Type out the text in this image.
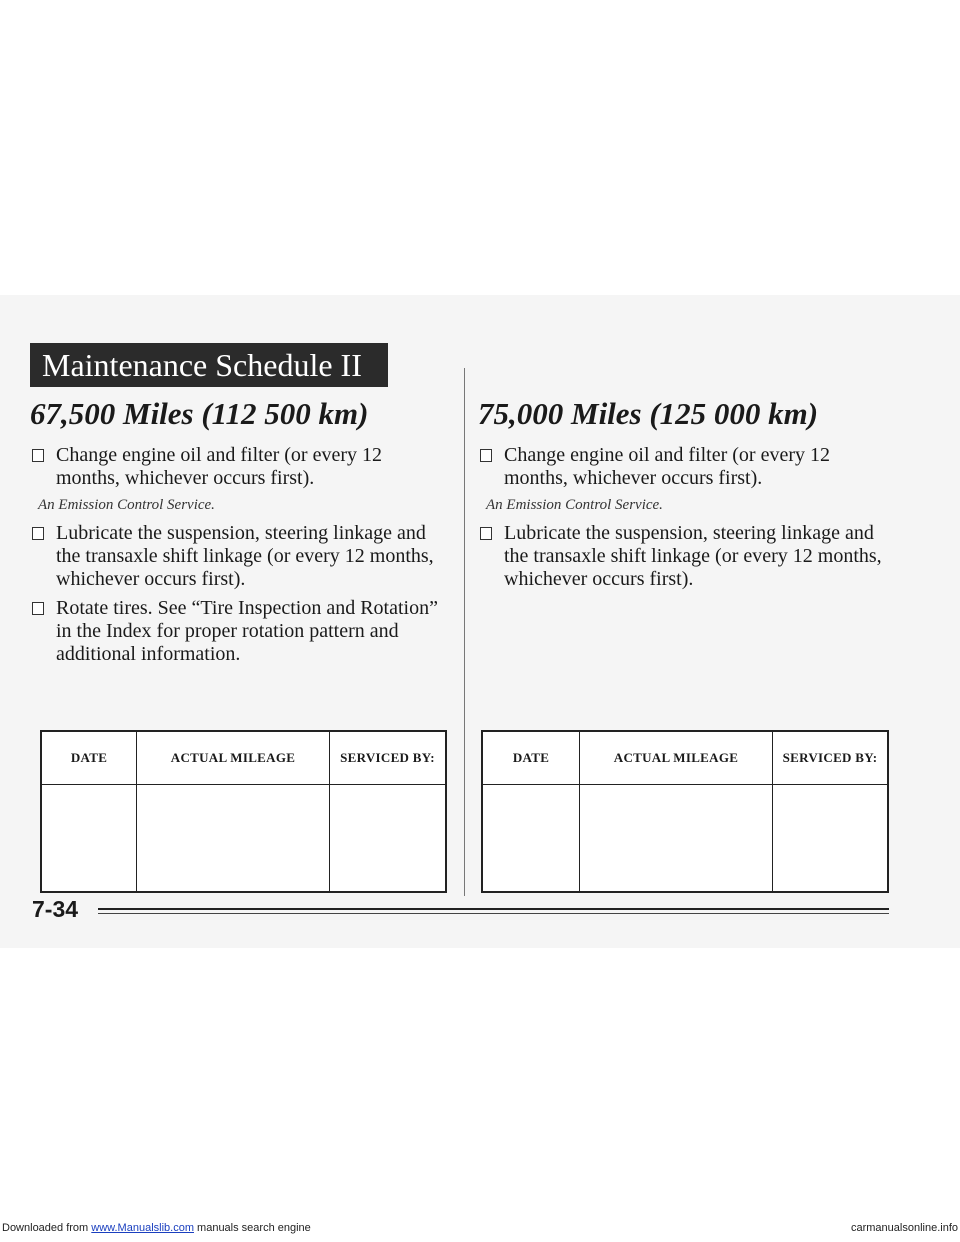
Maintenance Schedule II
67,500 Miles (112 500 km)
Change engine oil and filter (or every 12 months, whichever occurs first).
An Emission Control Service.
Lubricate the suspension, steering linkage and the transaxle shift linkage (or every 12 months, whichever occurs first).
Rotate tires. See “Tire Inspection and Rotation” in the Index for proper rotation pattern and additional information.
75,000 Miles (125 000 km)
Change engine oil and filter (or every 12 months, whichever occurs first).
An Emission Control Service.
Lubricate the suspension, steering linkage and the transaxle shift linkage (or every 12 months, whichever occurs first).
DATE	ACTUAL MILEAGE	SERVICED BY:
			DATE	ACTUAL MILEAGE	SERVICED BY:

7-34
Downloaded from www.Manualslib.com manuals search engine	carmanualsonline.info
